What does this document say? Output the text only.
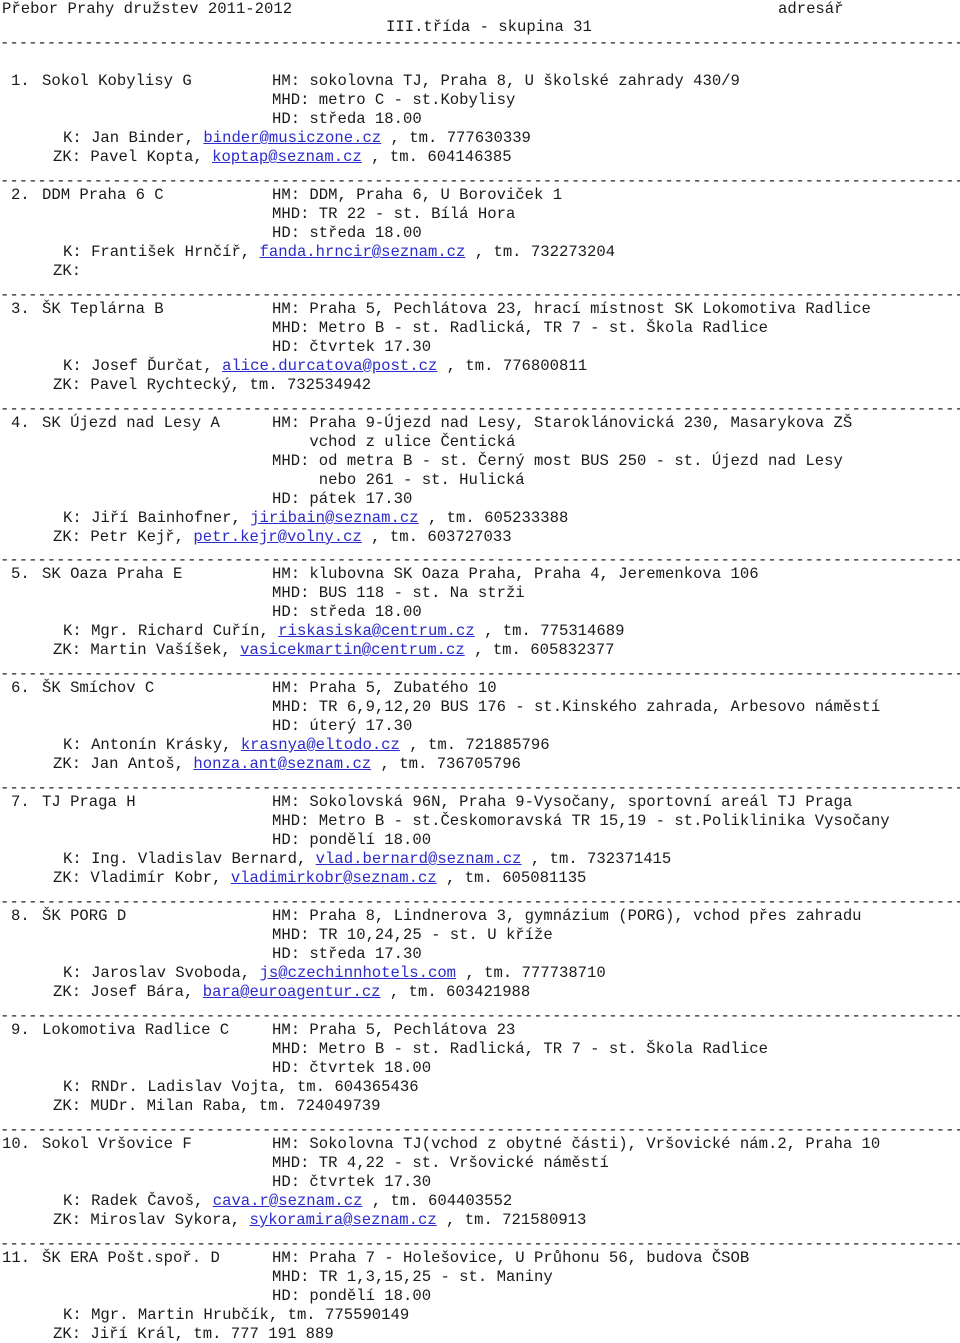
Přebor Prahy družstev 2011-2012

III.třída - skupina 31

adresář

-----

1. Sokol Kobylisy G	HM: sokolovna TJ, Praha 8, U školské zahrady 430/9
MHD: metro C - st.Kobylisy
HD: středa 18.00
K: Jan Binder, binder@musiczone.cz , tm. 777630339
ZK: Pavel Kopta, koptap@seznam.cz , tm. 604146385
2. DDM Praha 6 C	HM: DDM, Praha 6, U Boroviček 1
MHD: TR 22 - st. Bílá Hora
HD: středa 18.00
K: František Hrnčíř, fanda.hrncir@seznam.cz , tm. 732273204
ZK:
3. ŠK Teplárna B	HM: Praha 5, Pechlátova 23, hrací místnost SK Lokomotiva Radlice
MHD: Metro B - st. Radlická, TR 7 - st. Škola Radlice
HD: čtvrtek 17.30
K: Josef Ďurčat, alice.durcatova@post.cz , tm. 776800811
ZK: Pavel Rychtecký, tm. 732534942
4. SK Újezd nad Lesy A	HM: Praha 9-Újezd nad Lesy, Staroklánovická 230, Masarykova ZŠ
vchod z ulice Čentická
MHD: od metra B - st. Černý most BUS 250 - st. Újezd nad Lesy
nebo 261 - st. Hulická
HD: pátek 17.30
K: Jiří Bainhofner, jiribain@seznam.cz , tm. 605233388
ZK: Petr Kejř, petr.kejr@volny.cz , tm. 603727033
5. SK Oaza Praha E	HM: klubovna SK Oaza Praha, Praha 4, Jeremenkova 106
MHD: BUS 118 - st. Na strži
HD: středa 18.00
K: Mgr. Richard Cuřín, riskasiska@centrum.cz , tm. 775314689
ZK: Martin Vašíšek, vasicekmartin@centrum.cz , tm. 605832377
6. ŠK Smíchov C	HM: Praha 5, Zubatého 10
MHD: TR 6,9,12,20 BUS 176 - st.Kinského zahrada, Arbesovo náměstí
HD: úterý 17.30
K: Antonín Krásky, krasnya@eltodo.cz , tm. 721885796
ZK: Jan Antoš, honza.ant@seznam.cz , tm. 736705796
7. TJ Praga H	HM: Sokolovská 96N, Praha 9-Vysočany, sportovní areál TJ Praga
MHD: Metro B - st.Českomoravská TR 15,19 - st.Poliklinika Vysočany
HD: pondělí 18.00
K: Ing. Vladislav Bernard, vlad.bernard@seznam.cz , tm. 732371415
ZK: Vladimír Kobr, vladimirkobr@seznam.cz , tm. 605081135
8. ŠK PORG D	HM: Praha 8, Lindnerova 3, gymnázium (PORG), vchod přes zahradu
MHD: TR 10,24,25 - st. U kříže
HD: středa 17.30
K: Jaroslav Svoboda, js@czechinnhotels.com , tm. 777738710
ZK: Josef Bára, bara@euroagentur.cz , tm. 603421988
9. Lokomotiva Radlice C	HM: Praha 5, Pechlátova 23
MHD: Metro B - st. Radlická, TR 7 - st. Škola Radlice
HD: čtvrtek 18.00
K: RNDr. Ladislav Vojta, tm. 604365436
ZK: MUDr. Milan Raba, tm. 724049739
10. Sokol Vršovice F	HM: Sokolovna TJ(vchod z obytné části), Vršovické nám.2, Praha 10
MHD: TR 4,22 - st. Vršovické náměstí
HD: čtvrtek 17.30
K: Radek Čavoš, cava.r@seznam.cz , tm. 604403552
ZK: Miroslav Sykora, sykoramira@seznam.cz , tm. 721580913
11. ŠK ERA Pošt.spoř. D	HM: Praha 7 - Holešovice, U Průhonu 56, budova ČSOB
MHD: TR 1,3,15,25 - st. Maniny
HD: pondělí 18.00
K: Mgr. Martin Hrubčík, tm. 775590149
ZK: Jiří Král, tm. 777 191 889
-----
-----
-----
-----
-----
-----
-----
-----
-----
-----
